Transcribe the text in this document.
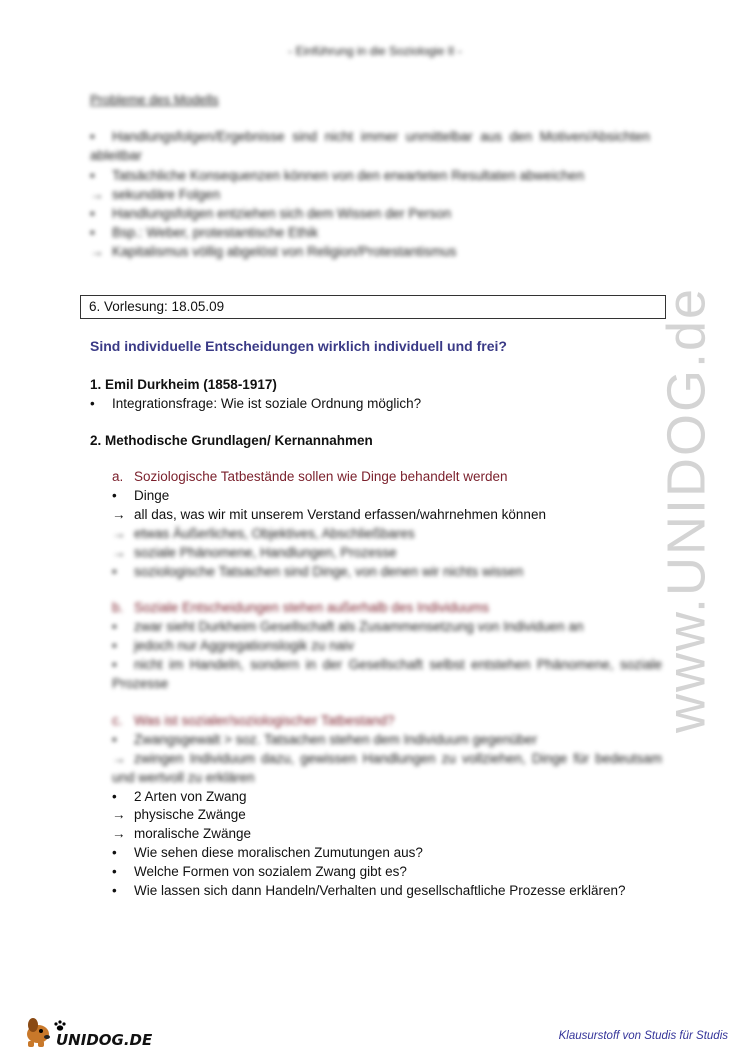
- Einführung in die Soziologie II -
Probleme des Modells
• Handlungsfolgen/Ergebnisse sind nicht immer unmittelbar aus den Motiven/Absichten ableitbar
• Tatsächliche Konsequenzen können von den erwarteten Resultaten abweichen
→ sekundäre Folgen
• Handlungsfolgen entziehen sich dem Wissen der Person
• Bsp.: Weber, protestantische Ethik
→ Kapitalismus völlig abgelöst von Religion/Protestantismus
www.UNIDOG.de
6. Vorlesung: 18.05.09
Sind individuelle Entscheidungen wirklich individuell und frei?
1. Emil Durkheim (1858-1917)
• Integrationsfrage: Wie ist soziale Ordnung möglich?
2. Methodische Grundlagen/ Kernannahmen
a. Soziologische Tatbestände sollen wie Dinge behandelt werden
• Dinge
→ all das, was wir mit unserem Verstand erfassen/wahrnehmen können
→ etwas Äußerliches, Objektives, Abschließbares
→ soziale Phänomene, Handlungen, Prozesse
• soziologische Tatsachen sind Dinge, von denen wir nichts wissen
b. Soziale Entscheidungen stehen außerhalb des Individuums
• zwar sieht Durkheim Gesellschaft als Zusammensetzung von Individuen an
• jedoch nur Aggregationslogik zu naiv
• nicht im Handeln, sondern in der Gesellschaft selbst entstehen Phänomene, soziale Prozesse
c. Was ist sozialer/soziologischer Tatbestand?
• Zwangsgewalt > soz. Tatsachen stehen dem Individuum gegenüber
→ zwingen Individuum dazu, gewissen Handlungen zu vollziehen, Dinge für bedeutsam und wertvoll zu erklären
• 2 Arten von Zwang
→ physische Zwänge
→ moralische Zwänge
• Wie sehen diese moralischen Zumutungen aus?
• Welche Formen von sozialem Zwang gibt es?
• Wie lassen sich dann Handeln/Verhalten und gesellschaftliche Prozesse erklären?
UNIDOG.DE	Klausurstoff von Studis für Studis
